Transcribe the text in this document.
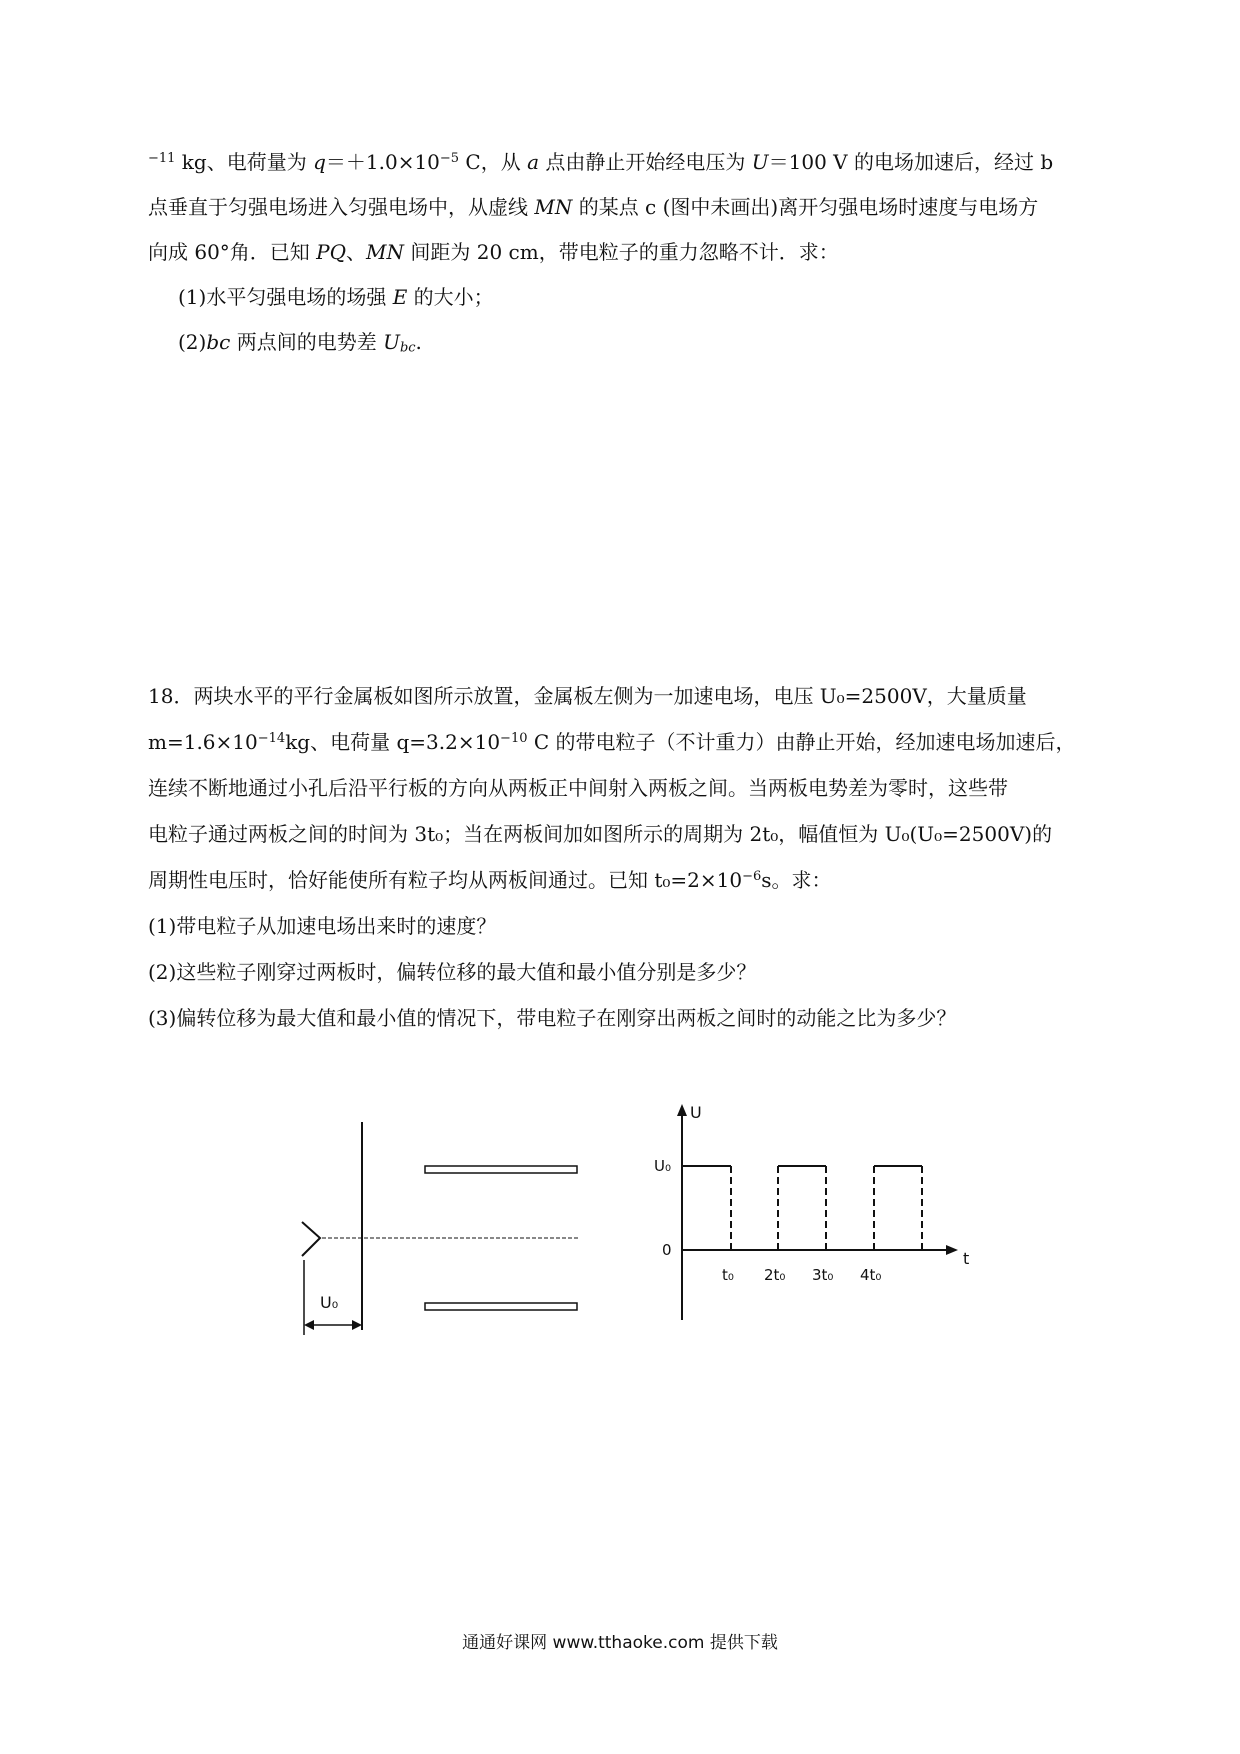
$^{-11}$ kg、电荷量为 $q=+1.0\times 10^{-5}$ C，从 a 点由静止开始经电压为 U＝100 V 的电场加速后，经过 b
点垂直于匀强电场进入匀强电场中，从虚线 MN 的某点 c (图中未画出)离开匀强电场时速度与电场方
向成 60°角．已知 PQ、MN 间距为 20 cm，带电粒子的重力忽略不计．求：
(1)水平匀强电场的场强 E 的大小；
(2)bc 两点间的电势差 $U_{bc}$.
18．两块水平的平行金属板如图所示放置，金属板左侧为一加速电场，电压 U₀=2500V，大量质量
$m=1.6\times 10^{-14}kg$、电荷量 $q=3.2\times 10^{-10}$ C 的带电粒子（不计重力）由静止开始，经加速电场加速后，
连续不断地通过小孔后沿平行板的方向从两板正中间射入两板之间。当两板电势差为零时，这些带
电粒子通过两板之间的时间为 3t₀；当在两板间加如图所示的周期为 2t₀，幅值恒为 U₀(U₀=2500V)的
周期性电压时，恰好能使所有粒子均从两板间通过。已知 $t_0=2\times 10^{-6}s$。求：
(1)带电粒子从加速电场出来时的速度？
(2)这些粒子刚穿过两板时，偏转位移的最大值和最小值分别是多少？
(3)偏转位移为最大值和最小值的情况下，带电粒子在刚穿出两板之间时的动能之比为多少？
U₀
U
t
U₀
0
t₀ 2t₀ 3t₀ 4t₀
通通好课网 www.tthaoke.com 提供下载
